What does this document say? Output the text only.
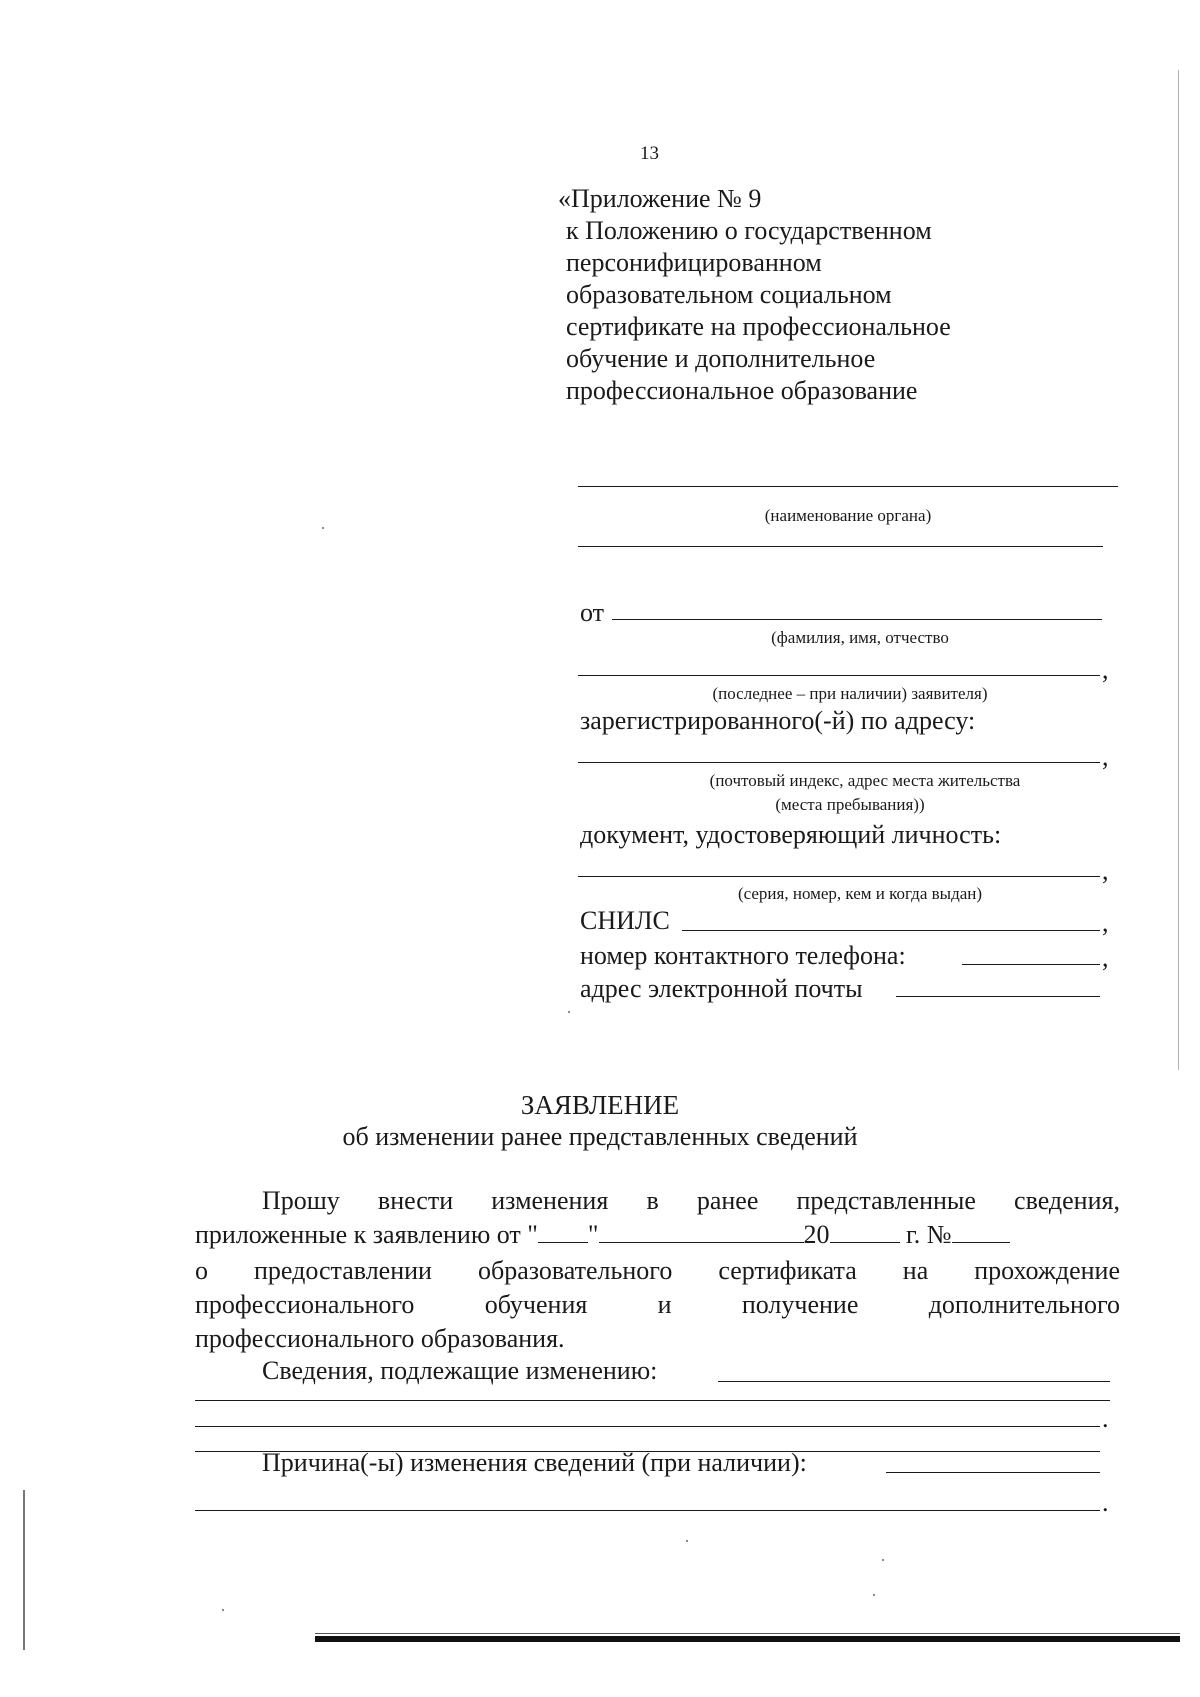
13
«Приложение № 9
к Положению о государственном
персонифицированном
образовательном социальном
сертификате на профессиональное
обучение и дополнительное
профессиональное образование
(наименование органа)
от
(фамилия, имя, отчество
,
(последнее – при наличии) заявителя)
зарегистрированного(-й) по адресу:
,
(почтовый индекс, адрес места жительства
(места пребывания))
документ, удостоверяющий личность:
,
(серия, номер, кем и когда выдан)
СНИЛС	,
номер контактного телефона:	,
адрес электронной почты
ЗАЯВЛЕНИЕ
об изменении ранее представленных сведений
Прошу внести изменения в ранее представленные сведения,
приложенные к заявлению от " "	20	г. №
о предоставлении образовательного сертификата на прохождение
профессионального	обучения	и	получение	дополнительного
профессионального образования.
Сведения, подлежащие изменению:
.
Причина(-ы) изменения сведений (при наличии):
.
